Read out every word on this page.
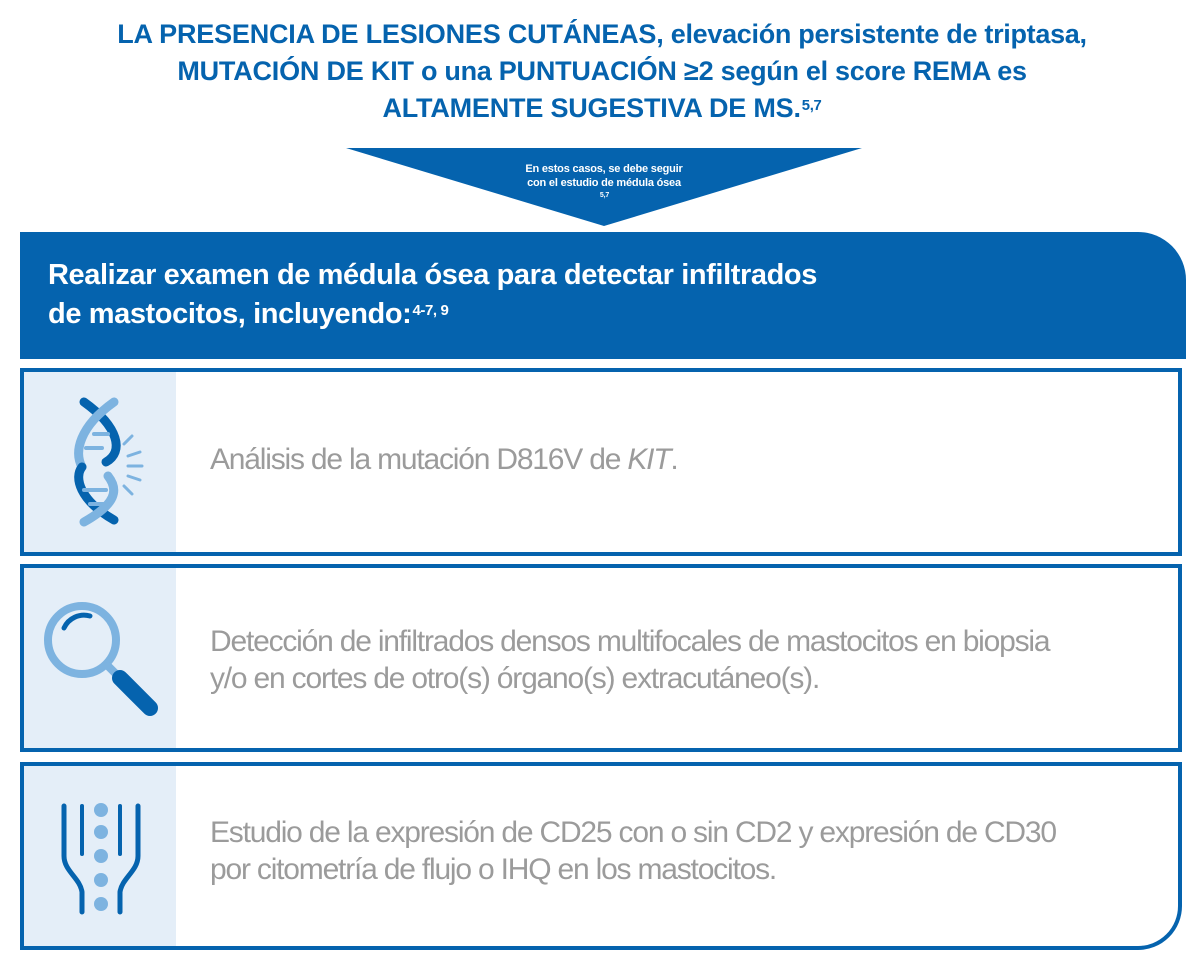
LA PRESENCIA DE LESIONES CUTÁNEAS, elevación persistente de triptasa,
MUTACIÓN DE KIT o una PUNTUACIÓN ≥2 según el score REMA es
ALTAMENTE SUGESTIVA DE MS.$^{5,7}$
En estos casos, se debe seguir
con el estudio de médula ósea
$^{5,7}$
Realizar examen de médula ósea para detectar infiltrados
de mastocitos, incluyendo:$^{4-7, 9}$
Análisis de la mutación D816V de KIT.
Detección de infiltrados densos multifocales de mastocitos en biopsia
y/o en cortes de otro(s) órgano(s) extracutáneo(s).
Estudio de la expresión de CD25 con o sin CD2 y expresión de CD30
por citometría de flujo o IHQ en los mastocitos.
